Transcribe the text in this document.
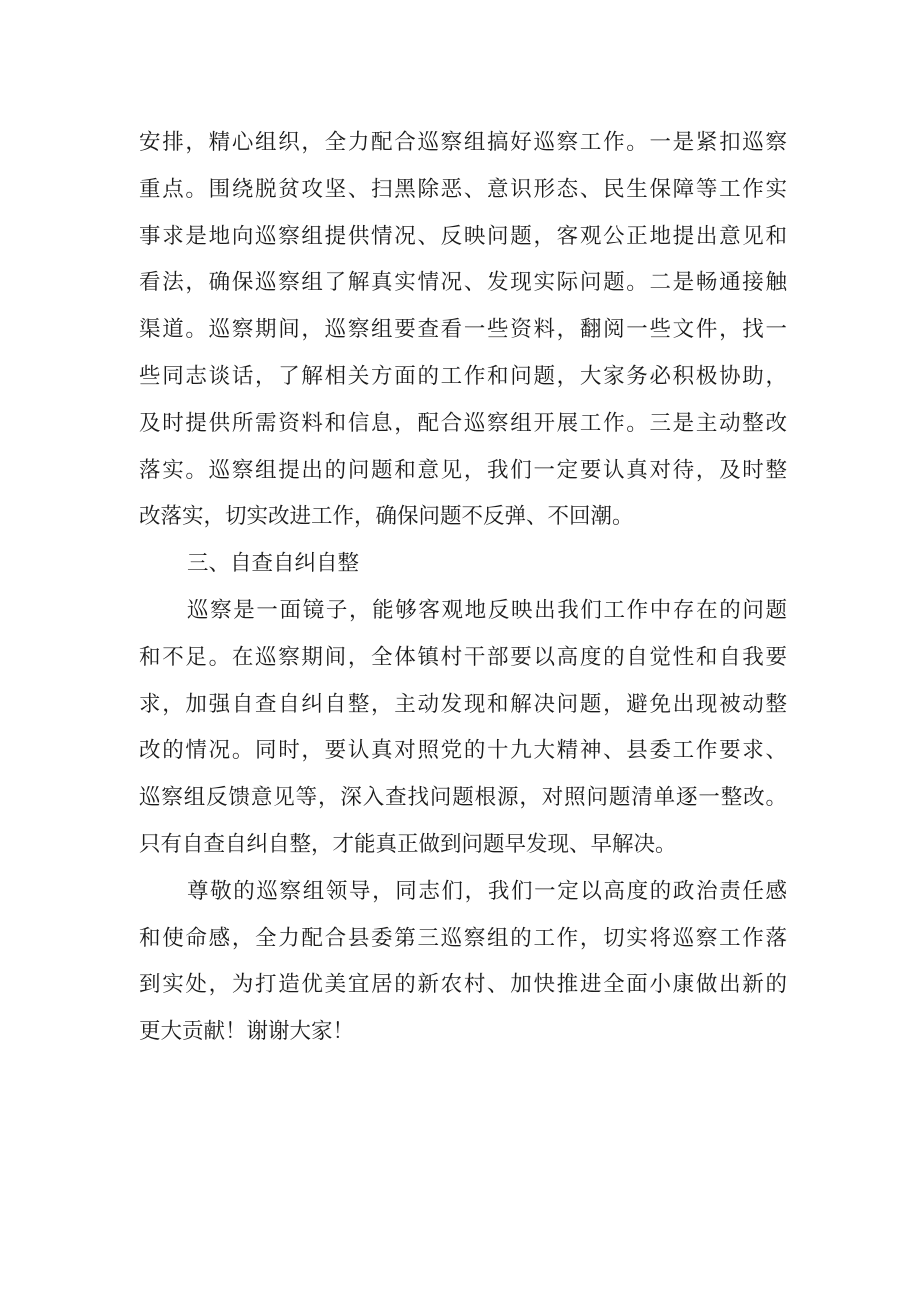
安排，精心组织，全力配合巡察组搞好巡察工作。一是紧扣巡察
重点。围绕脱贫攻坚、扫黑除恶、意识形态、民生保障等工作实
事求是地向巡察组提供情况、反映问题，客观公正地提出意见和
看法，确保巡察组了解真实情况、发现实际问题。二是畅通接触
渠道。巡察期间，巡察组要查看一些资料，翻阅一些文件，找一
些同志谈话，了解相关方面的工作和问题，大家务必积极协助，
及时提供所需资料和信息，配合巡察组开展工作。三是主动整改
落实。巡察组提出的问题和意见，我们一定要认真对待，及时整
改落实，切实改进工作，确保问题不反弹、不回潮。
三、自查自纠自整
巡察是一面镜子，能够客观地反映出我们工作中存在的问题
和不足。在巡察期间，全体镇村干部要以高度的自觉性和自我要
求，加强自查自纠自整，主动发现和解决问题，避免出现被动整
改的情况。同时，要认真对照党的十九大精神、县委工作要求、
巡察组反馈意见等，深入查找问题根源，对照问题清单逐一整改。
只有自查自纠自整，才能真正做到问题早发现、早解决。
尊敬的巡察组领导，同志们，我们一定以高度的政治责任感
和使命感，全力配合县委第三巡察组的工作，切实将巡察工作落
到实处，为打造优美宜居的新农村、加快推进全面小康做出新的
更大贡献！谢谢大家！
